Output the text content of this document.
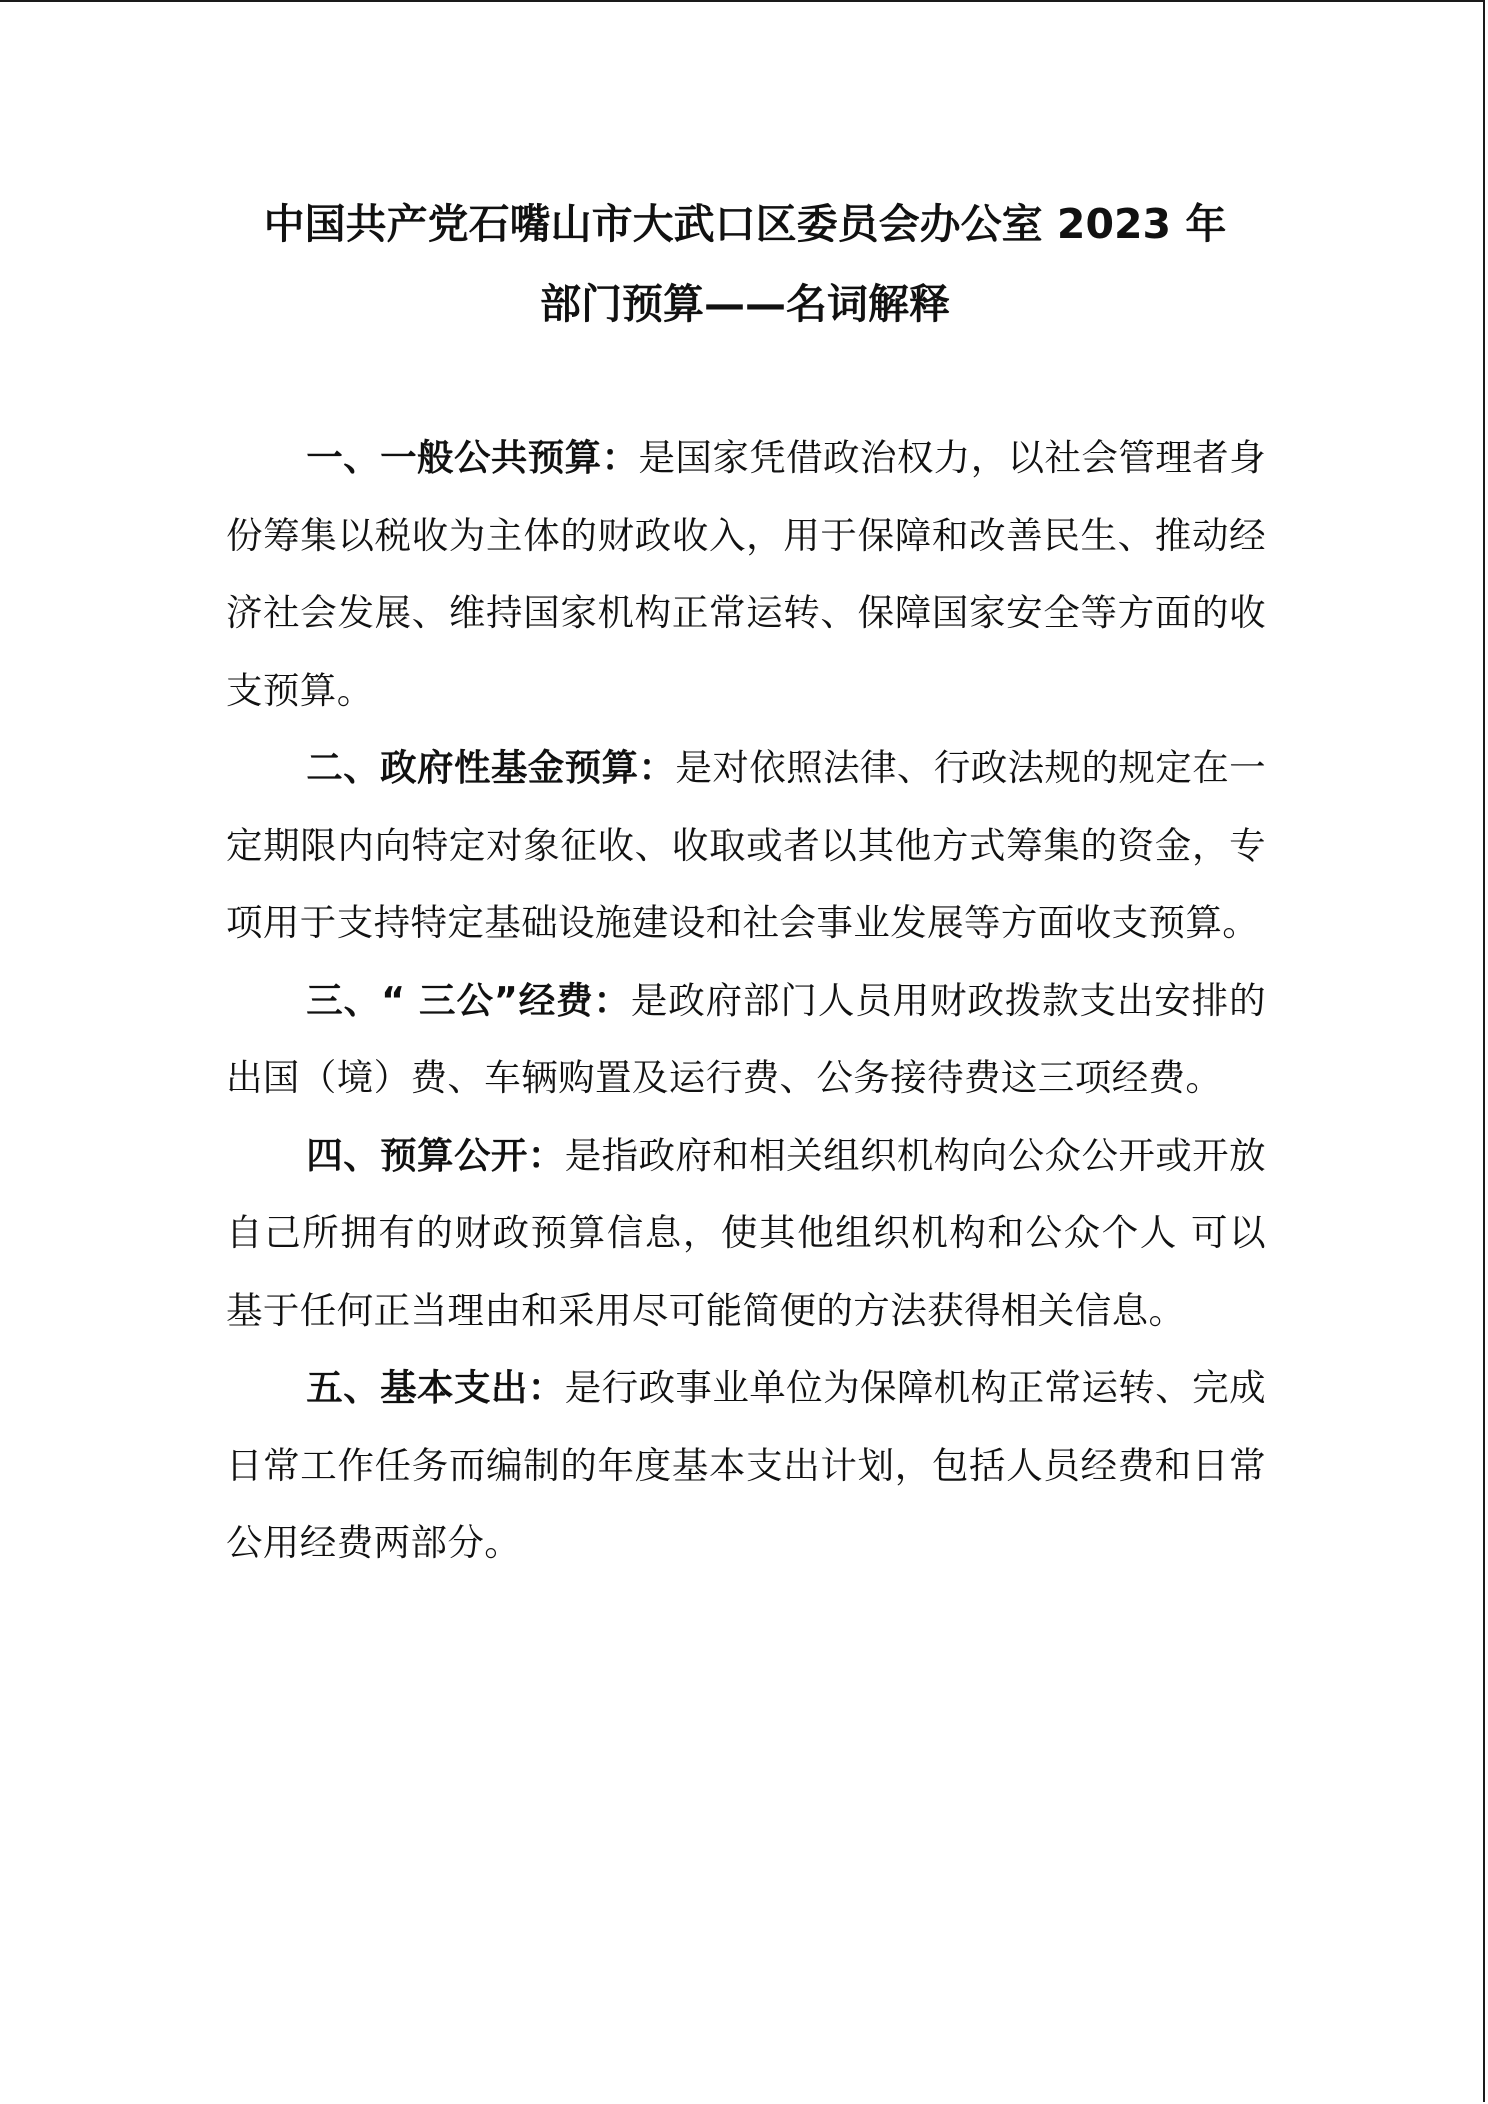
中国共产党石嘴山市大武口区委员会办公室 2023 年
部门预算——名词解释

一、一般公共预算：是国家凭借政治权力，以社会管理者身份筹集以税收为主体的财政收入，用于保障和改善民生、推动经济社会发展、维持国家机构正常运转、保障国家安全等方面的收支预算。

二、政府性基金预算：是对依照法律、行政法规的规定在一定期限内向特定对象征收、收取或者以其他方式筹集的资金，专项用于支持特定基础设施建设和社会事业发展等方面收支预算。

三、“ 三公”经费：是政府部门人员用财政拨款支出安排的出国（境）费、车辆购置及运行费、公务接待费这三项经费。

四、预算公开：是指政府和相关组织机构向公众公开或开放自己所拥有的财政预算信息，使其他组织机构和公众个人 可以基于任何正当理由和采用尽可能简便的方法获得相关信息。

五、基本支出：是行政事业单位为保障机构正常运转、完成日常工作任务而编制的年度基本支出计划，包括人员经费和日常公用经费两部分。
